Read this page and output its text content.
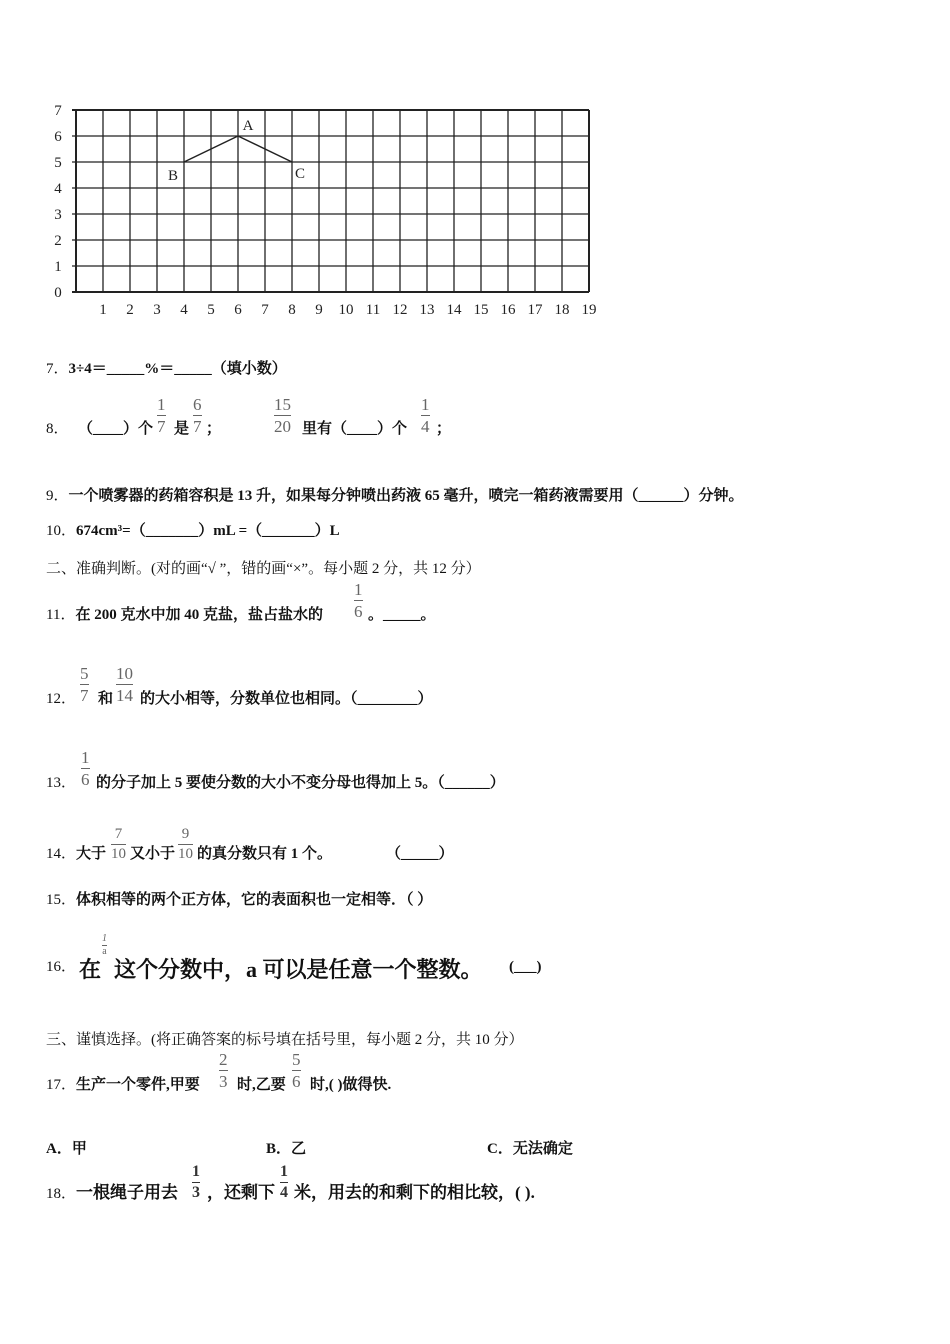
0
1
2
3
4
5
6
7
1 2 3 4 5 6 7 8 9 10 11 12 13 14 15 16 17 18 19
A
B	C
7．3÷4＝_____%＝_____（填小数）
8． （____）个
1
7 是
6
7 ；
15
20 里有（____）个
1
4 ；
9．一个喷雾器的药箱容积是 13 升，如果每分钟喷出药液 65 毫升，喷完一箱药液需要用（______）分钟。
10．674cm³=（_______）mL =（_______）L
二、准确判断。(对的画“√ ”，错的画“×”。每小题 2 分，共 12 分）
11．在 200 克水中加 40 克盐，盐占盐水的
1
6 。_____。
12．
5
7 和
10
14 的大小相等，分数单位也相同。（________）
13．
1
6 的分子加上 5 要使分数的大小不变分母也得加上 5。（______）
14．大于
7
10 又小于
9
10 的真分数只有 1 个。	（_____）
15．体积相等的两个正方体，它的表面积也一定相等．（ ）
16． 在
1
a
这个分数中，a 可以是任意一个整数。 (___)
三、谨慎选择。(将正确答案的标号填在括号里，每小题 2 分，共 10 分）
17．生产一个零件,甲要
2
3 时,乙要
5
6 时,( )做得快.
A．甲	B．乙	C．无法确定
18．一根绳子用去
1
3 ，还剩下
1
4 米，用去的和剩下的相比较，( ).
